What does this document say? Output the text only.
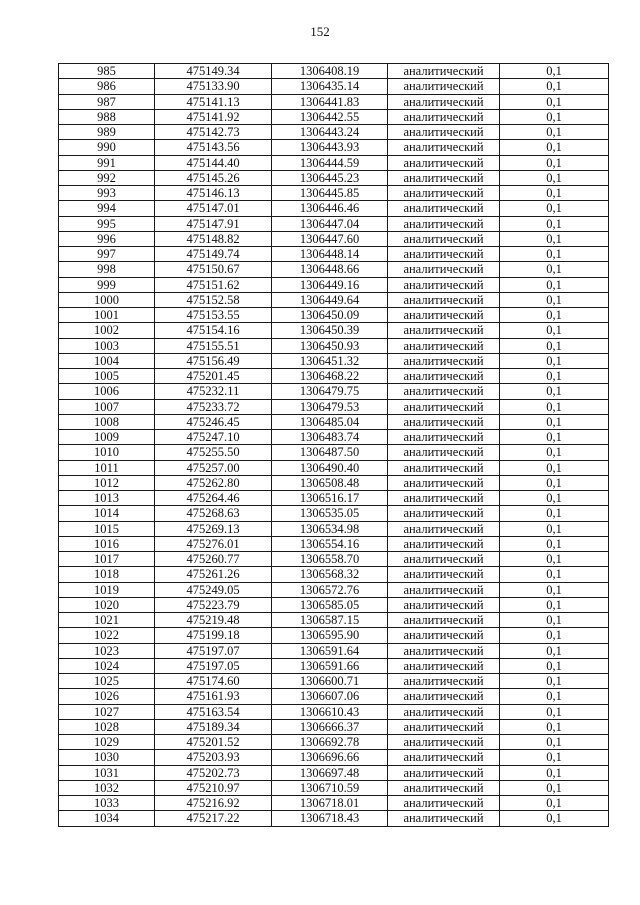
152
985	475149.34	1306408.19	аналитический	0,1
986	475133.90	1306435.14	аналитический	0,1
987	475141.13	1306441.83	аналитический	0,1
988	475141.92	1306442.55	аналитический	0,1
989	475142.73	1306443.24	аналитический	0,1
990	475143.56	1306443.93	аналитический	0,1
991	475144.40	1306444.59	аналитический	0,1
992	475145.26	1306445.23	аналитический	0,1
993	475146.13	1306445.85	аналитический	0,1
994	475147.01	1306446.46	аналитический	0,1
995	475147.91	1306447.04	аналитический	0,1
996	475148.82	1306447.60	аналитический	0,1
997	475149.74	1306448.14	аналитический	0,1
998	475150.67	1306448.66	аналитический	0,1
999	475151.62	1306449.16	аналитический	0,1
1000	475152.58	1306449.64	аналитический	0,1
1001	475153.55	1306450.09	аналитический	0,1
1002	475154.16	1306450.39	аналитический	0,1
1003	475155.51	1306450.93	аналитический	0,1
1004	475156.49	1306451.32	аналитический	0,1
1005	475201.45	1306468.22	аналитический	0,1
1006	475232.11	1306479.75	аналитический	0,1
1007	475233.72	1306479.53	аналитический	0,1
1008	475246.45	1306485.04	аналитический	0,1
1009	475247.10	1306483.74	аналитический	0,1
1010	475255.50	1306487.50	аналитический	0,1
1011	475257.00	1306490.40	аналитический	0,1
1012	475262.80	1306508.48	аналитический	0,1
1013	475264.46	1306516.17	аналитический	0,1
1014	475268.63	1306535.05	аналитический	0,1
1015	475269.13	1306534.98	аналитический	0,1
1016	475276.01	1306554.16	аналитический	0,1
1017	475260.77	1306558.70	аналитический	0,1
1018	475261.26	1306568.32	аналитический	0,1
1019	475249.05	1306572.76	аналитический	0,1
1020	475223.79	1306585.05	аналитический	0,1
1021	475219.48	1306587.15	аналитический	0,1
1022	475199.18	1306595.90	аналитический	0,1
1023	475197.07	1306591.64	аналитический	0,1
1024	475197.05	1306591.66	аналитический	0,1
1025	475174.60	1306600.71	аналитический	0,1
1026	475161.93	1306607.06	аналитический	0,1
1027	475163.54	1306610.43	аналитический	0,1
1028	475189.34	1306666.37	аналитический	0,1
1029	475201.52	1306692.78	аналитический	0,1
1030	475203.93	1306696.66	аналитический	0,1
1031	475202.73	1306697.48	аналитический	0,1
1032	475210.97	1306710.59	аналитический	0,1
1033	475216.92	1306718.01	аналитический	0,1
1034	475217.22	1306718.43	аналитический	0,1
